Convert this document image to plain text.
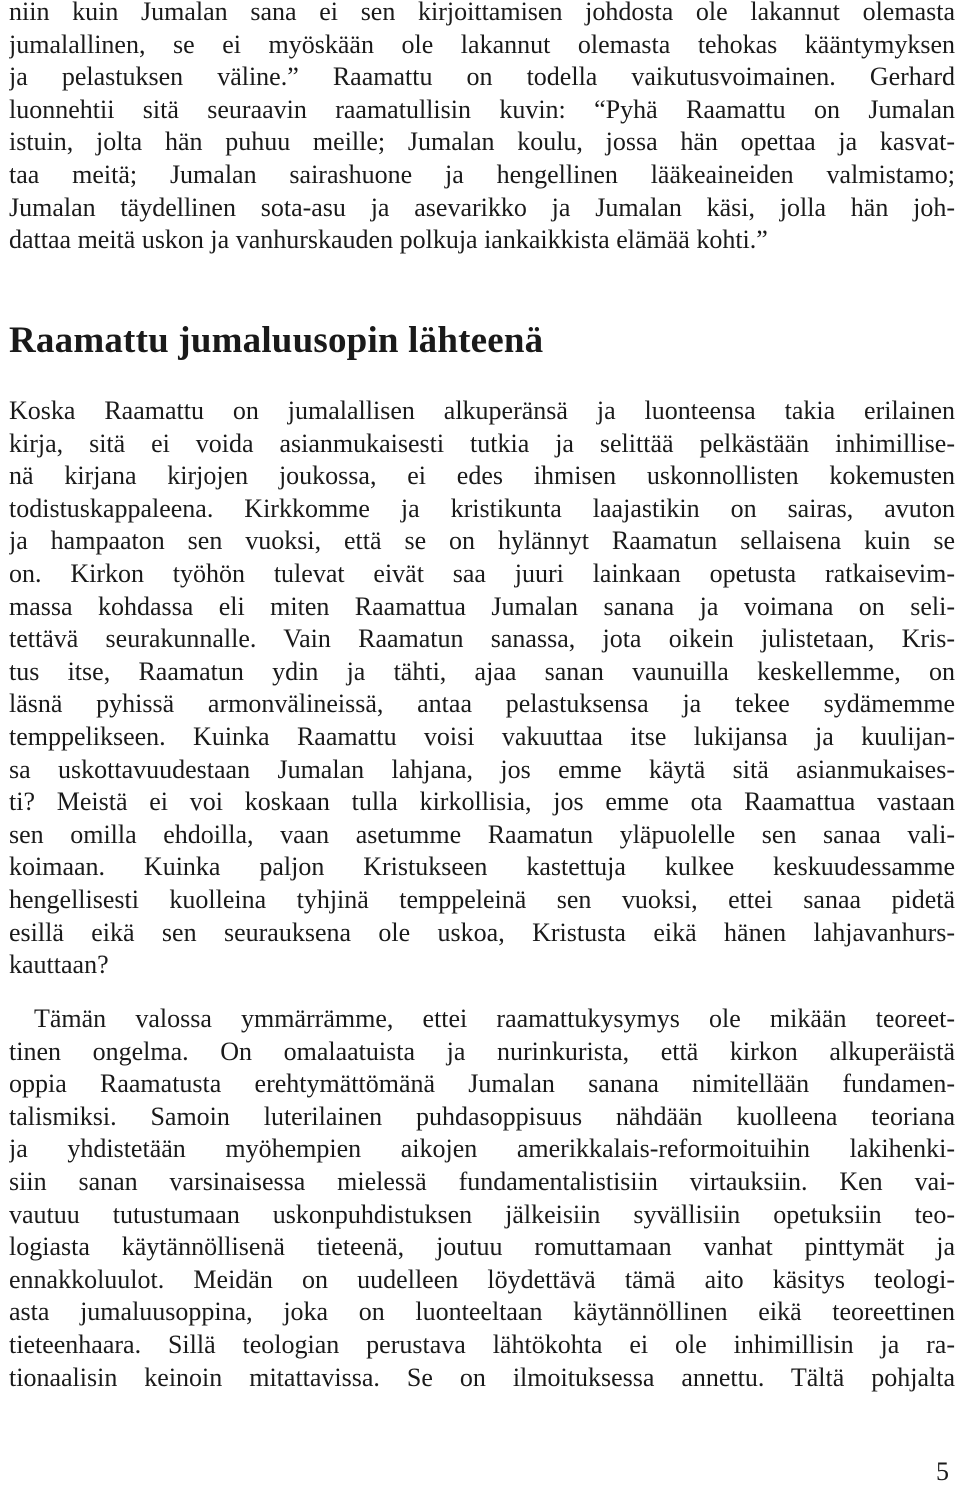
niin kuin Jumalan sana ei sen kirjoittamisen johdosta ole lakannut olemasta
jumalallinen, se ei myöskään ole lakannut olemasta tehokas kääntymyksen
ja pelastuksen väline.” Raamattu on todella vaikutusvoimainen. Gerhard
luonnehtii sitä seuraavin raamatullisin kuvin: “Pyhä Raamattu on Jumalan
istuin, jolta hän puhuu meille; Jumalan koulu, jossa hän opettaa ja kasvat-
taa meitä; Jumalan sairashuone ja hengellinen lääkeaineiden valmistamo;
Jumalan täydellinen sota-asu ja asevarikko ja Jumalan käsi, jolla hän joh-
dattaa meitä uskon ja vanhurskauden polkuja iankaikkista elämää kohti.”
Raamattu jumaluusopin lähteenä
Koska Raamattu on jumalallisen alkuperänsä ja luonteensa takia erilainen
kirja, sitä ei voida asianmukaisesti tutkia ja selittää pelkästään inhimillise-
nä kirjana kirjojen joukossa, ei edes ihmisen uskonnollisten kokemusten
todistuskappaleena. Kirkkomme ja kristikunta laajastikin on sairas, avuton
ja hampaaton sen vuoksi, että se on hylännyt Raamatun sellaisena kuin se
on. Kirkon työhön tulevat eivät saa juuri lainkaan opetusta ratkaisevim-
massa kohdassa eli miten Raamattua Jumalan sanana ja voimana on seli-
tettävä seurakunnalle. Vain Raamatun sanassa, jota oikein julistetaan, Kris-
tus itse, Raamatun ydin ja tähti, ajaa sanan vaunuilla keskellemme, on
läsnä pyhissä armonvälineissä, antaa pelastuksensa ja tekee sydämemme
temppelikseen. Kuinka Raamattu voisi vakuuttaa itse lukijansa ja kuulijan-
sa uskottavuudestaan Jumalan lahjana, jos emme käytä sitä asianmukaises-
ti? Meistä ei voi koskaan tulla kirkollisia, jos emme ota Raamattua vastaan
sen omilla ehdoilla, vaan asetumme Raamatun yläpuolelle sen sanaa vali-
koimaan. Kuinka paljon Kristukseen kastettuja kulkee keskuudessamme
hengellisesti kuolleina tyhjinä temppeleinä sen vuoksi, ettei sanaa pidetä
esillä eikä sen seurauksena ole uskoa, Kristusta eikä hänen lahjavanhurs-
kauttaan?
Tämän valossa ymmärrämme, ettei raamattukysymys ole mikään teoreet-
tinen ongelma. On omalaatuista ja nurinkurista, että kirkon alkuperäistä
oppia Raamatusta erehtymättömänä Jumalan sanana nimitellään fundamen-
talismiksi. Samoin luterilainen puhdasoppisuus nähdään kuolleena teoriana
ja yhdistetään myöhempien aikojen amerikkalais-reformoituihin lakihenki-
siin sanan varsinaisessa mielessä fundamentalistisiin virtauksiin. Ken vai-
vautuu tutustumaan uskonpuhdistuksen jälkeisiin syvällisiin opetuksiin teo-
logiasta käytännöllisenä tieteenä, joutuu romuttamaan vanhat pinttymät ja
ennakkoluulot. Meidän on uudelleen löydettävä tämä aito käsitys teologi-
asta jumaluusoppina, joka on luonteeltaan käytännöllinen eikä teoreettinen
tieteenhaara. Sillä teologian perustava lähtökohta ei ole inhimillisin ja ra-
tionaalisin keinoin mitattavissa. Se on ilmoituksessa annettu. Tältä pohjalta
5
